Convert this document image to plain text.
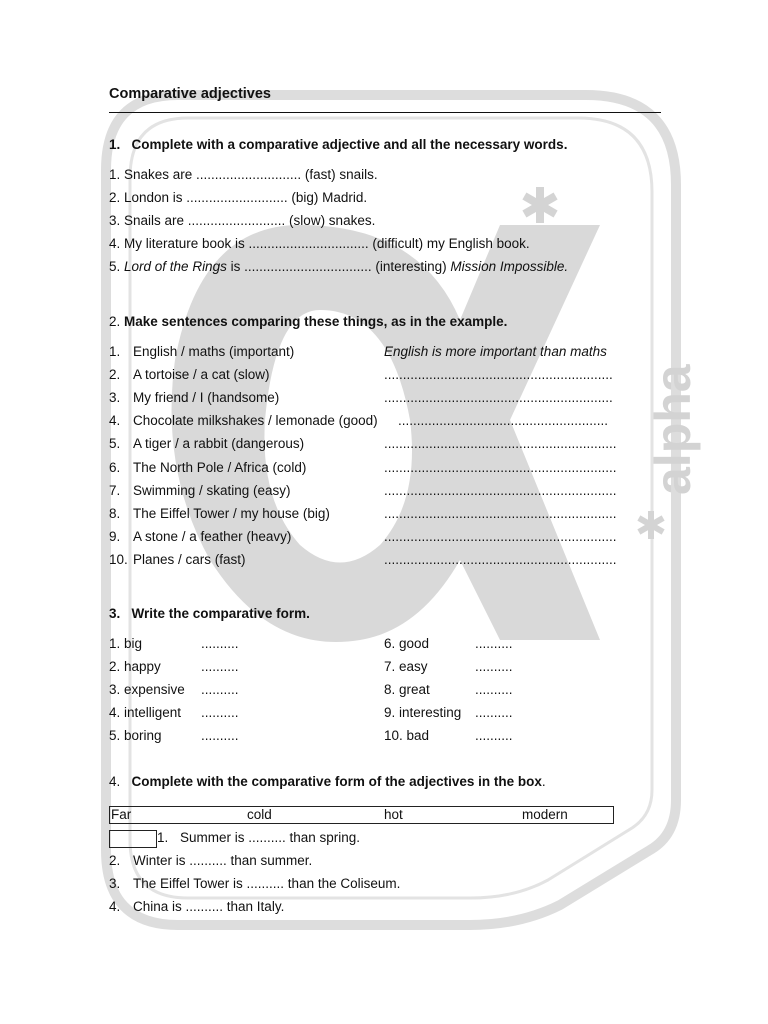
alpha
Comparative adjectives
1. Complete with a comparative adjective and all the necessary words.
1. Snakes are ............................ (fast) snails.
2. London is ........................... (big) Madrid.
3. Snails are .......................... (slow) snakes.
4. My literature book is ................................ (difficult) my English book.
5. Lord of the Rings is .................................. (interesting) Mission Impossible.
2. Make sentences comparing these things, as in the example.
1. English / maths (important)	English is more important than maths
2. A tortoise / a cat (slow)	.............................................................
3. My friend / I (handsome)	.............................................................
4. Chocolate milkshakes / lemonade (good) ........................................................
5. A tiger / a rabbit (dangerous)	..............................................................
6. The North Pole / Africa (cold)	..............................................................
7. Swimming / skating (easy)	..............................................................
8. The Eiffel Tower / my house (big)	..............................................................
9. A stone / a feather (heavy)	..............................................................
10. Planes / cars (fast)	..............................................................
3. Write the comparative form.
1. big	..........
2. happy	..........
3. expensive ..........
4. intelligent ..........
5. boring	..........
6. good	..........
7. easy	..........
8. great	..........
9. interesting ..........
10. bad	..........
4. Complete with the comparative form of the adjectives in the box.
Far	cold	hot	modern
1. Summer is .......... than spring.
2. Winter is .......... than summer.
3. The Eiffel Tower is .......... than the Coliseum.
4. China is .......... than Italy.
